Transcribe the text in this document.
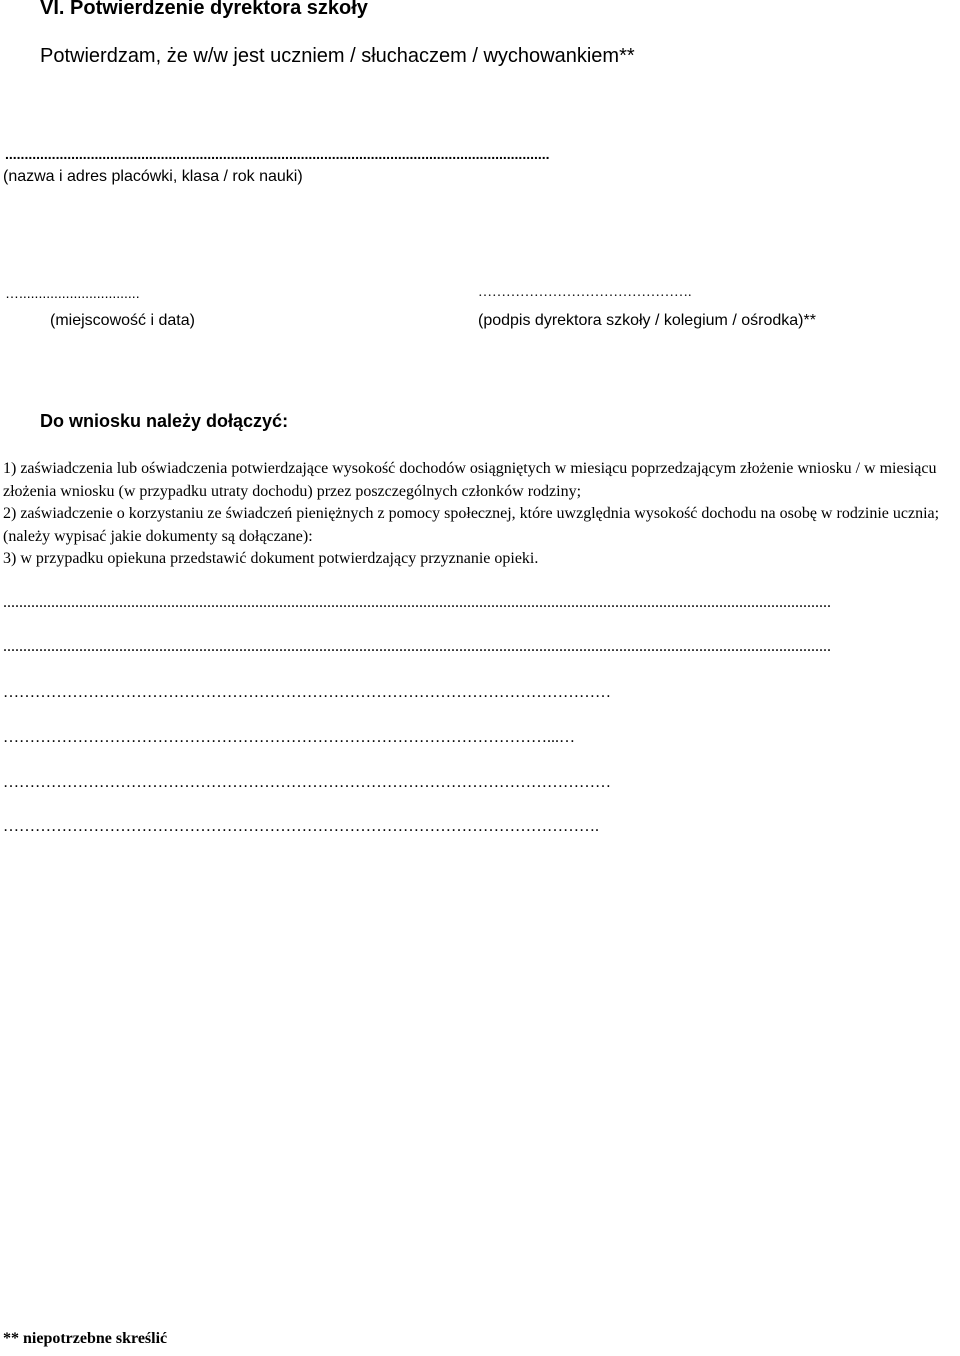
VI. Potwierdzenie dyrektora szkoły

Potwierdzam, że w/w jest uczniem / słuchaczem / wychowankiem**

............................................................................................................................................
(nazwa i adres placówki, klasa / rok nauki)
…...............................
(miejscowość i data)
……………………………………….
(podpis dyrektora szkoły / kolegium / ośrodka)**
Do wniosku należy dołączyć:

1) zaświadczenia lub oświadczenia potwierdzające wysokość dochodów osiągniętych w miesiącu poprzedzającym złożenie wniosku / w miesiącu złożenia wniosku (w przypadku utraty dochodu) przez poszczególnych członków rodziny;

2) zaświadczenie o korzystaniu ze świadczeń pieniężnych z pomocy społecznej, które uwzględnia wysokość dochodu na osobę w rodzinie ucznia; (należy wypisać jakie dokumenty są dołączane):

3) w przypadku opiekuna przedstawić dokument potwierdzający przyznanie opieki.

...............................................................................................................................................................................................................
...............................................................................................................................................................................................................
……………………………………………………………………………………………………
…………………………………………………………………………………………...…
……………………………………………………………………………………………………
………………………………………………………………………………………………….
** niepotrzebne skreślić
